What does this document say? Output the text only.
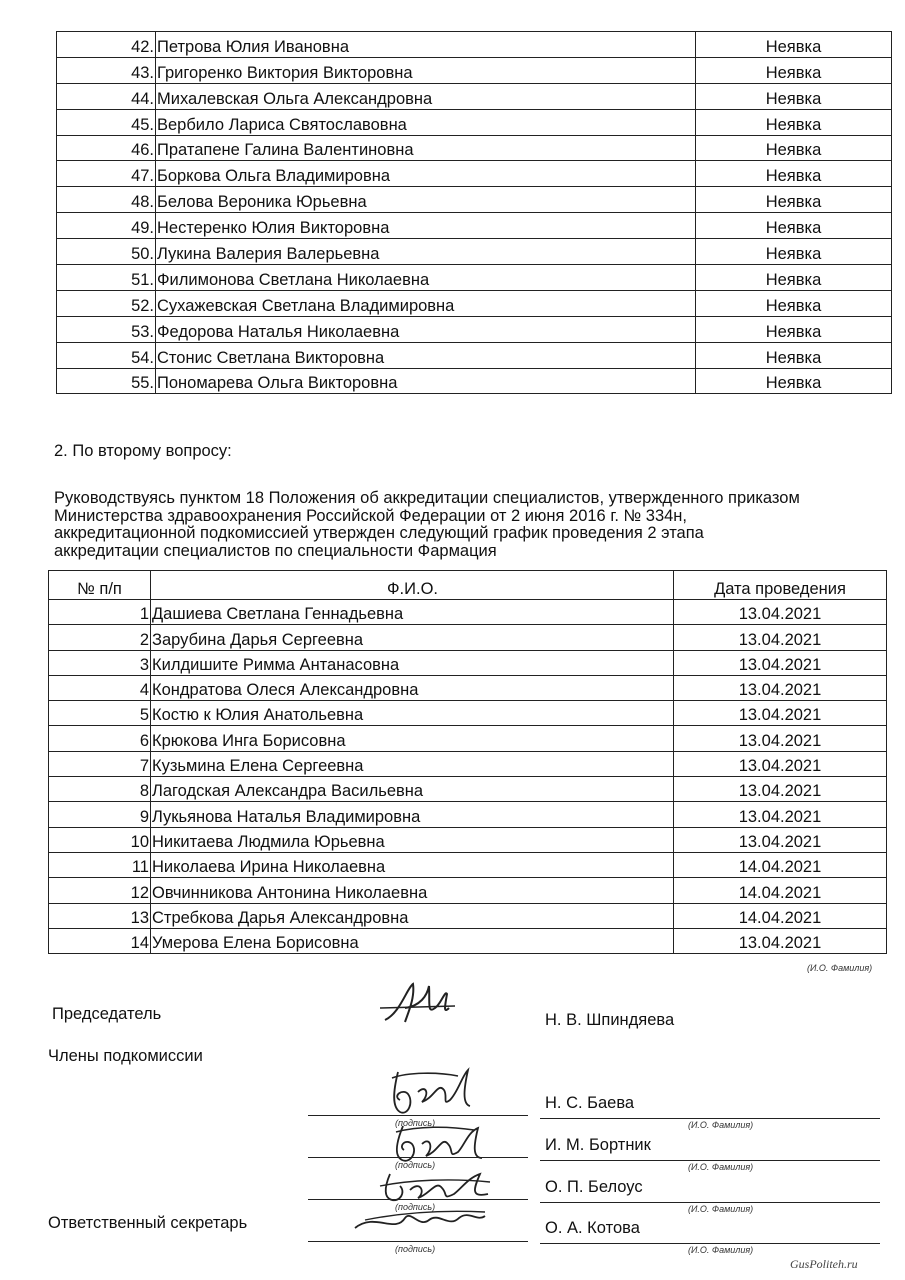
42.	Петрова Юлия Ивановна	Неявка
43.	Григоренко Виктория Викторовна	Неявка
44.	Михалевская Ольга Александровна	Неявка
45.	Вербило Лариса Святославовна	Неявка
46.	Пратапене Галина Валентиновна	Неявка
47.	Боркова Ольга Владимировна	Неявка
48.	Белова Вероника Юрьевна	Неявка
49.	Нестеренко Юлия Викторовна	Неявка
50.	Лукина Валерия Валерьевна	Неявка
51.	Филимонова Светлана Николаевна	Неявка
52.	Сухажевская Светлана Владимировна	Неявка
53.	Федорова Наталья Николаевна	Неявка
54.	Стонис Светлана Викторовна	Неявка
55.	Пономарева Ольга Викторовна	Неявка
2. По второму вопросу:
Руководствуясь пунктом 18 Положения об аккредитации специалистов, утвержденного приказом
Министерства здравоохранения Российской Федерации от 2 июня 2016 г. № 334н,
аккредитационной подкомиссией утвержден следующий график проведения 2 этапа
аккредитации специалистов по специальности Фармация
№ п/п	Ф.И.О.	Дата проведения
1	Дашиева Светлана Геннадьевна	13.04.2021
2	Зарубина Дарья Сергеевна	13.04.2021
3	Килдишите Римма Антанасовна	13.04.2021
4	Кондратова Олеся Александровна	13.04.2021
5	Костю к Юлия Анатольевна	13.04.2021
6	Крюкова Инга Борисовна	13.04.2021
7	Кузьмина Елена Сергеевна	13.04.2021
8	Лагодская Александра Васильевна	13.04.2021
9	Лукьянова Наталья Владимировна	13.04.2021
10	Никитаева Людмила Юрьевна	13.04.2021
11	Николаева Ирина Николаевна	14.04.2021
12	Овчинникова Антонина Николаевна	14.04.2021
13	Стребкова Дарья Александровна	14.04.2021
14	Умерова Елена Борисовна	13.04.2021
(И.О. Фамилия)
Председатель	Н. В. Шпиндяева
Члены подкомиссии
(подпись)
Н. С. Баева
(И.О. Фамилия)
(подпись)
И. М. Бортник
(И.О. Фамилия)
(подпись)
О. П. Белоус
(И.О. Фамилия)
Ответственный секретарь
(подпись)
О. А. Котова
(И.О. Фамилия)
GusPoliteh.ru
